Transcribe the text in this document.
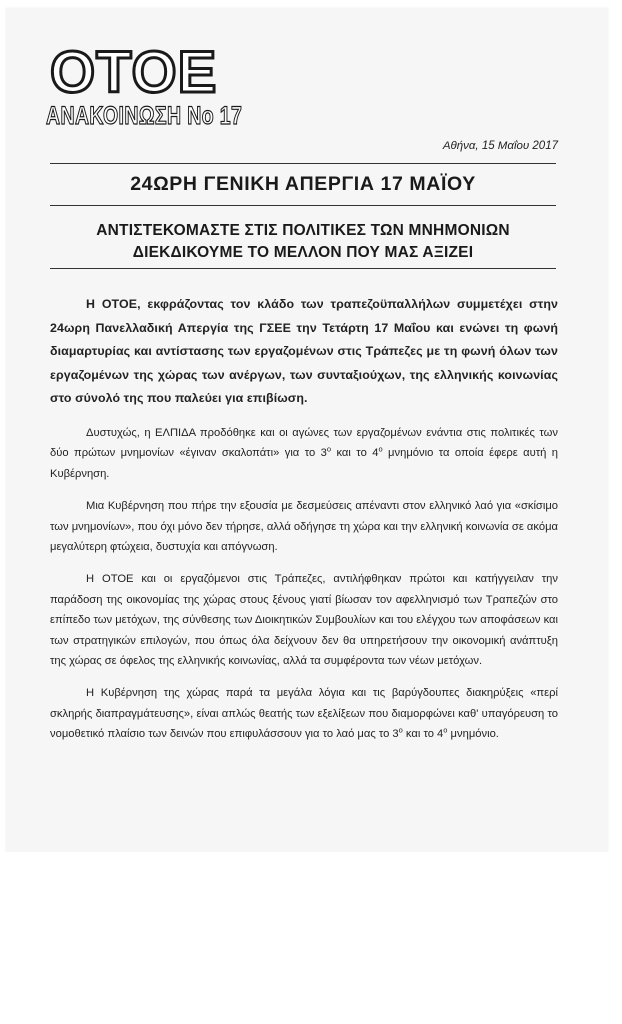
ΟΤΟΕ
ΑΝΑΚΟΙΝΩΣΗ Νο 17
Αθήνα, 15 Μαΐου 2017
24ΩΡΗ ΓΕΝΙΚΗ ΑΠΕΡΓΙΑ 17 ΜΑΪΟΥ
ΑΝΤΙΣΤΕΚΟΜΑΣΤΕ ΣΤΙΣ ΠΟΛΙΤΙΚΕΣ ΤΩΝ ΜΝΗΜΟΝΙΩΝ
ΔΙΕΚΔΙΚΟΥΜΕ ΤΟ ΜΕΛΛΟΝ ΠΟΥ ΜΑΣ ΑΞΙΖΕΙ

Η ΟΤΟΕ, εκφράζοντας τον κλάδο των τραπεζοϋπαλλήλων συμμετέχει στην 24ωρη Πανελλαδική Απεργία της ΓΣΕΕ την Τετάρτη 17 Μαΐου και ενώνει τη φωνή διαμαρτυρίας και αντίστασης των εργαζομένων στις Τράπεζες με τη φωνή όλων των εργαζομένων της χώρας των ανέργων, των συνταξιούχων, της ελληνικής κοινωνίας στο σύνολό της που παλεύει για επιβίωση.

Δυστυχώς, η ΕΛΠΙΔΑ προδόθηκε και οι αγώνες των εργαζομένων ενάντια στις πολιτικές των δύο πρώτων μνημονίων «έγιναν σκαλοπάτι» για το $3^o$ και το $4^o$ μνημόνιο τα οποία έφερε αυτή η Κυβέρνηση.

Μια Κυβέρνηση που πήρε την εξουσία με δεσμεύσεις απέναντι στον ελληνικό λαό για «σκίσιμο των μνημονίων», που όχι μόνο δεν τήρησε, αλλά οδήγησε τη χώρα και την ελληνική κοινωνία σε ακόμα μεγαλύτερη φτώχεια, δυστυχία και απόγνωση.

Η ΟΤΟΕ και οι εργαζόμενοι στις Τράπεζες, αντιλήφθηκαν πρώτοι και κατήγγειλαν την παράδοση της οικονομίας της χώρας στους ξένους γιατί βίωσαν τον αφελληνισμό των Τραπεζών στο επίπεδο των μετόχων, της σύνθεσης των Διοικητικών Συμβουλίων και του ελέγχου των αποφάσεων και των στρατηγικών επιλογών, που όπως όλα δείχνουν δεν θα υπηρετήσουν την οικονομική ανάπτυξη της χώρας σε όφελος της ελληνικής κοινωνίας, αλλά τα συμφέροντα των νέων μετόχων.

Η Κυβέρνηση της χώρας παρά τα μεγάλα λόγια και τις βαρύγδουπες διακηρύξεις «περί σκληρής διαπραγμάτευσης», είναι απλώς θεατής των εξελίξεων που διαμορφώνει καθ' υπαγόρευση το νομοθετικό πλαίσιο των δεινών που επιφυλάσσουν για το λαό μας το $3^o$ και το $4^o$ μνημόνιο.
